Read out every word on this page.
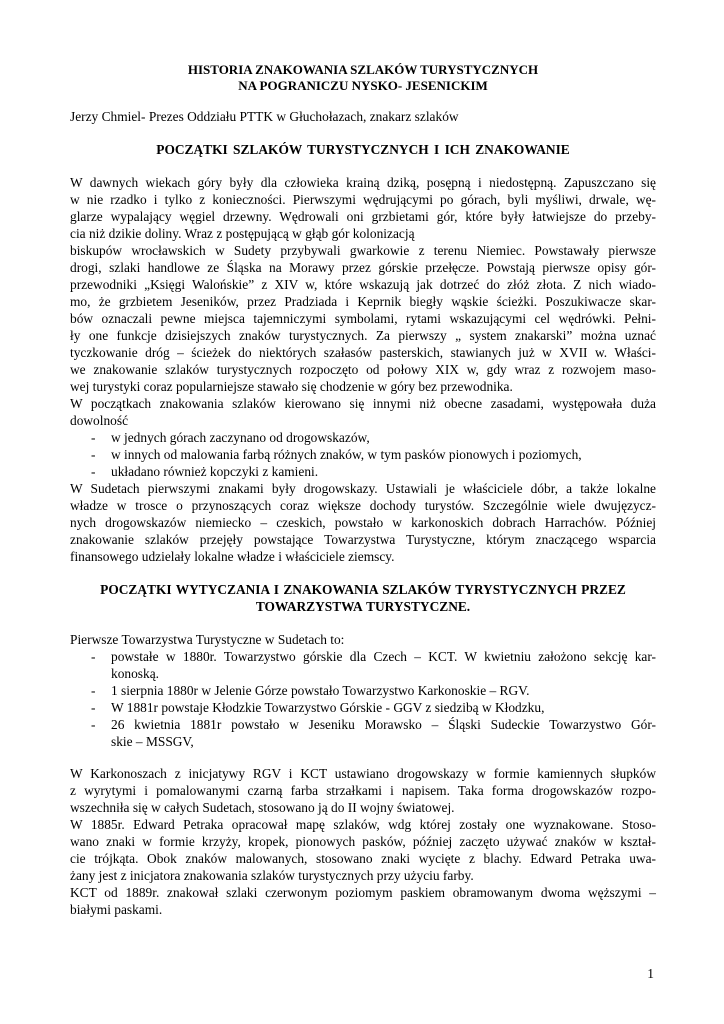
HISTORIA ZNAKOWANIA SZLAKÓW TURYSTYCZNYCH
NA POGRANICZU NYSKO- JESENICKIM

Jerzy Chmiel- Prezes Oddziału PTTK w Głuchołazach, znakarz szlaków

POCZĄTKI SZLAKÓW TURYSTYCZNYCH I ICH ZNAKOWANIE

W dawnych wiekach góry były dla człowieka krainą dziką, posępną i niedostępną. Zapuszczano się
w nie rzadko i tylko z konieczności. Pierwszymi wędrującymi po górach, byli myśliwi, drwale, wę-
glarze wypalający węgiel drzewny. Wędrowali oni grzbietami gór, które były łatwiejsze do przeby-
cia niż dzikie doliny. Wraz z postępującą w głąb gór kolonizacją
biskupów wrocławskich w Sudety przybywali gwarkowie z terenu Niemiec. Powstawały pierwsze
drogi, szlaki handlowe ze Śląska na Morawy przez górskie przełęcze. Powstają pierwsze opisy gór-
przewodniki „Księgi Walońskie” z XIV w, które wskazują jak dotrzeć do złóż złota. Z nich wiado-
mo, że grzbietem Jeseników, przez Pradziada i Keprnik biegły wąskie ścieżki. Poszukiwacze skar-
bów oznaczali pewne miejsca tajemniczymi symbolami, rytami wskazującymi cel wędrówki. Pełni-
ły one funkcje dzisiejszych znaków turystycznych. Za pierwszy „ system znakarski” można uznać
tyczkowanie dróg – ścieżek do niektórych szałasów pasterskich, stawianych już w XVII w. Właści-
we znakowanie szlaków turystycznych rozpoczęto od połowy XIX w, gdy wraz z rozwojem maso-
wej turystyki coraz popularniejsze stawało się chodzenie w góry bez przewodnika.
W początkach znakowania szlaków kierowano się innymi niż obecne zasadami, występowała duża
dowolność
- w jednych górach zaczynano od drogowskazów,
- w innych od malowania farbą różnych znaków, w tym pasków pionowych i poziomych,
- układano również kopczyki z kamieni.
W Sudetach pierwszymi znakami były drogowskazy. Ustawiali je właściciele dóbr, a także lokalne
władze w trosce o przynoszących coraz większe dochody turystów. Szczególnie wiele dwujęzycz-
nych drogowskazów niemiecko – czeskich, powstało w karkonoskich dobrach Harrachów. Później
znakowanie szlaków przejęły powstające Towarzystwa Turystyczne, którym znaczącego wsparcia
finansowego udzielały lokalne władze i właściciele ziemscy.

POCZĄTKI WYTYCZANIA I ZNAKOWANIA SZLAKÓW TYRYSTYCZNYCH PRZEZ
TOWARZYSTWA TURYSTYCZNE.

Pierwsze Towarzystwa Turystyczne w Sudetach to:

- powstałe w 1880r. Towarzystwo górskie dla Czech – KCT. W kwietniu założono sekcję kar-
konoską.
- 1 sierpnia 1880r w Jelenie Górze powstało Towarzystwo Karkonoskie – RGV.
- W 1881r powstaje Kłodzkie Towarzystwo Górskie - GGV z siedzibą w Kłodzku,
- 26 kwietnia 1881r powstało w Jeseniku Morawsko – Śląski Sudeckie Towarzystwo Gór-
skie – MSSGV,
W Karkonoszach z inicjatywy RGV i KCT ustawiano drogowskazy w formie kamiennych słupków
z wyrytymi i pomalowanymi czarną farba strzałkami i napisem. Taka forma drogowskazów rozpo-
wszechniła się w całych Sudetach, stosowano ją do II wojny światowej.
W 1885r. Edward Petraka opracował mapę szlaków, wdg której zostały one wyznakowane. Stoso-
wano znaki w formie krzyży, kropek, pionowych pasków, później zaczęto używać znaków w kształ-
cie trójkąta. Obok znaków malowanych, stosowano znaki wycięte z blachy. Edward Petraka uwa-
żany jest z inicjatora znakowania szlaków turystycznych przy użyciu farby.
KCT od 1889r. znakował szlaki czerwonym poziomym paskiem obramowanym dwoma węższymi –
białymi paskami.
1
